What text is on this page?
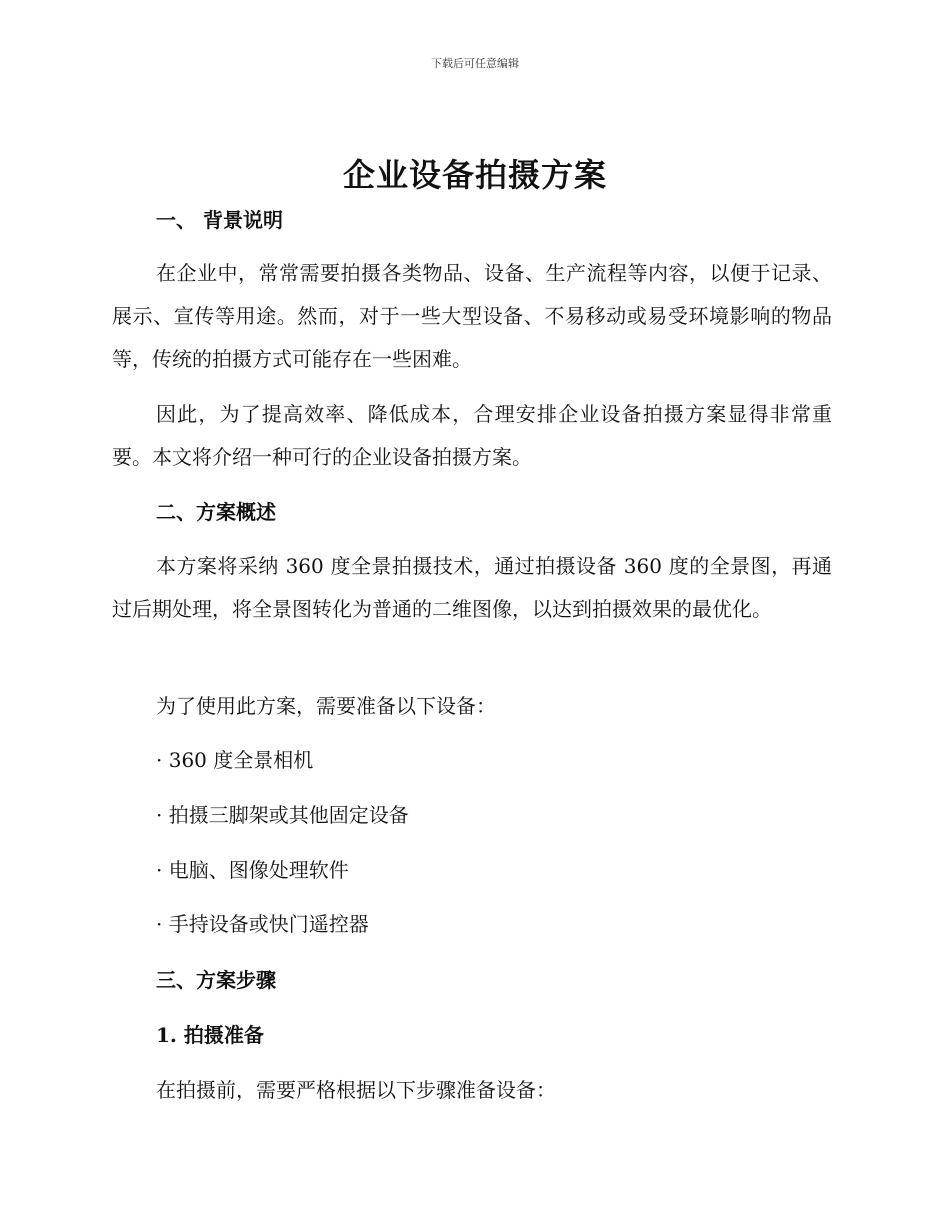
下载后可任意编辑
企业设备拍摄方案
一、 背景说明

在企业中，常常需要拍摄各类物品、设备、生产流程等内容，以便于记录、展示、宣传等用途。然而，对于一些大型设备、不易移动或易受环境影响的物品等，传统的拍摄方式可能存在一些困难。

因此，为了提高效率、降低成本，合理安排企业设备拍摄方案显得非常重要。本文将介绍一种可行的企业设备拍摄方案。

二、方案概述

本方案将采纳 360 度全景拍摄技术，通过拍摄设备 360 度的全景图，再通过后期处理，将全景图转化为普通的二维图像，以达到拍摄效果的最优化。

为了使用此方案，需要准备以下设备：

· 360 度全景相机

· 拍摄三脚架或其他固定设备

· 电脑、图像处理软件

· 手持设备或快门遥控器

三、方案步骤
1. 拍摄准备

在拍摄前，需要严格根据以下步骤准备设备：
